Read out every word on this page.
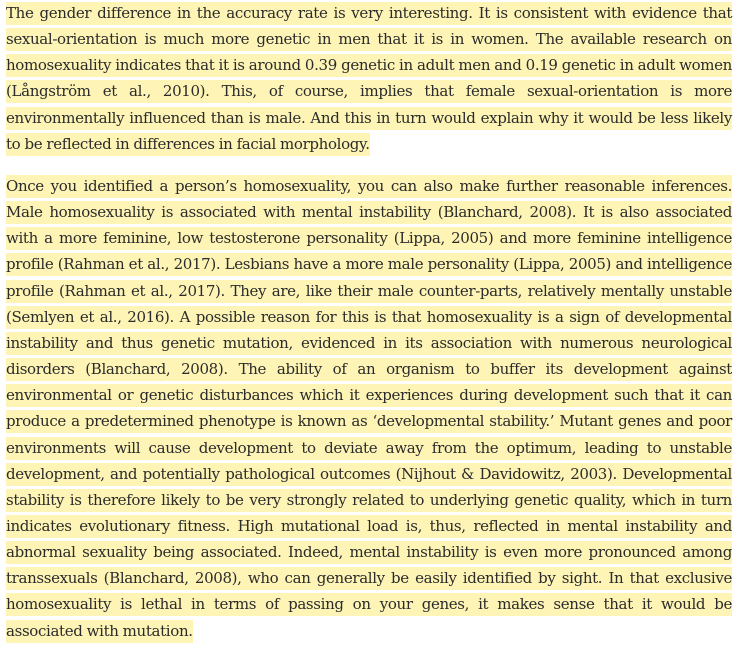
The gender difference in the accuracy rate is very interesting. It is consistent with evidence that sexual-orientation is much more genetic in men that it is in women. The available research on homosexuality indicates that it is around 0.39 genetic in adult men and 0.19 genetic in adult women (Långström et al., 2010). This, of course, implies that female sexual-orientation is more environmentally influenced than is male. And this in turn would explain why it would be less likely to be reflected in differences in facial morphology.

Once you identified a person’s homosexuality, you can also make further reasonable inferences. Male homosexuality is associated with mental instability (Blanchard, 2008). It is also associated with a more feminine, low testosterone personality (Lippa, 2005) and more feminine intelligence profile (Rahman et al., 2017). Lesbians have a more male personality (Lippa, 2005) and intelligence profile (Rahman et al., 2017). They are, like their male counter-parts, relatively mentally unstable (Semlyen et al., 2016). A possible reason for this is that homosexuality is a sign of developmental instability and thus genetic mutation, evidenced in its association with numerous neurological disorders (Blanchard, 2008). The ability of an organism to buffer its development against environmental or genetic disturbances which it experiences during development such that it can produce a predetermined phenotype is known as ‘developmental stability.’ Mutant genes and poor environments will cause development to deviate away from the optimum, leading to unstable development, and potentially pathological outcomes (Nijhout & Davidowitz, 2003). Developmental stability is therefore likely to be very strongly related to underlying genetic quality, which in turn indicates evolutionary fitness. High mutational load is, thus, reflected in mental instability and abnormal sexuality being associated. Indeed, mental instability is even more pronounced among transsexuals (Blanchard, 2008), who can generally be easily identified by sight. In that exclusive homosexuality is lethal in terms of passing on your genes, it makes sense that it would be associated with mutation.
